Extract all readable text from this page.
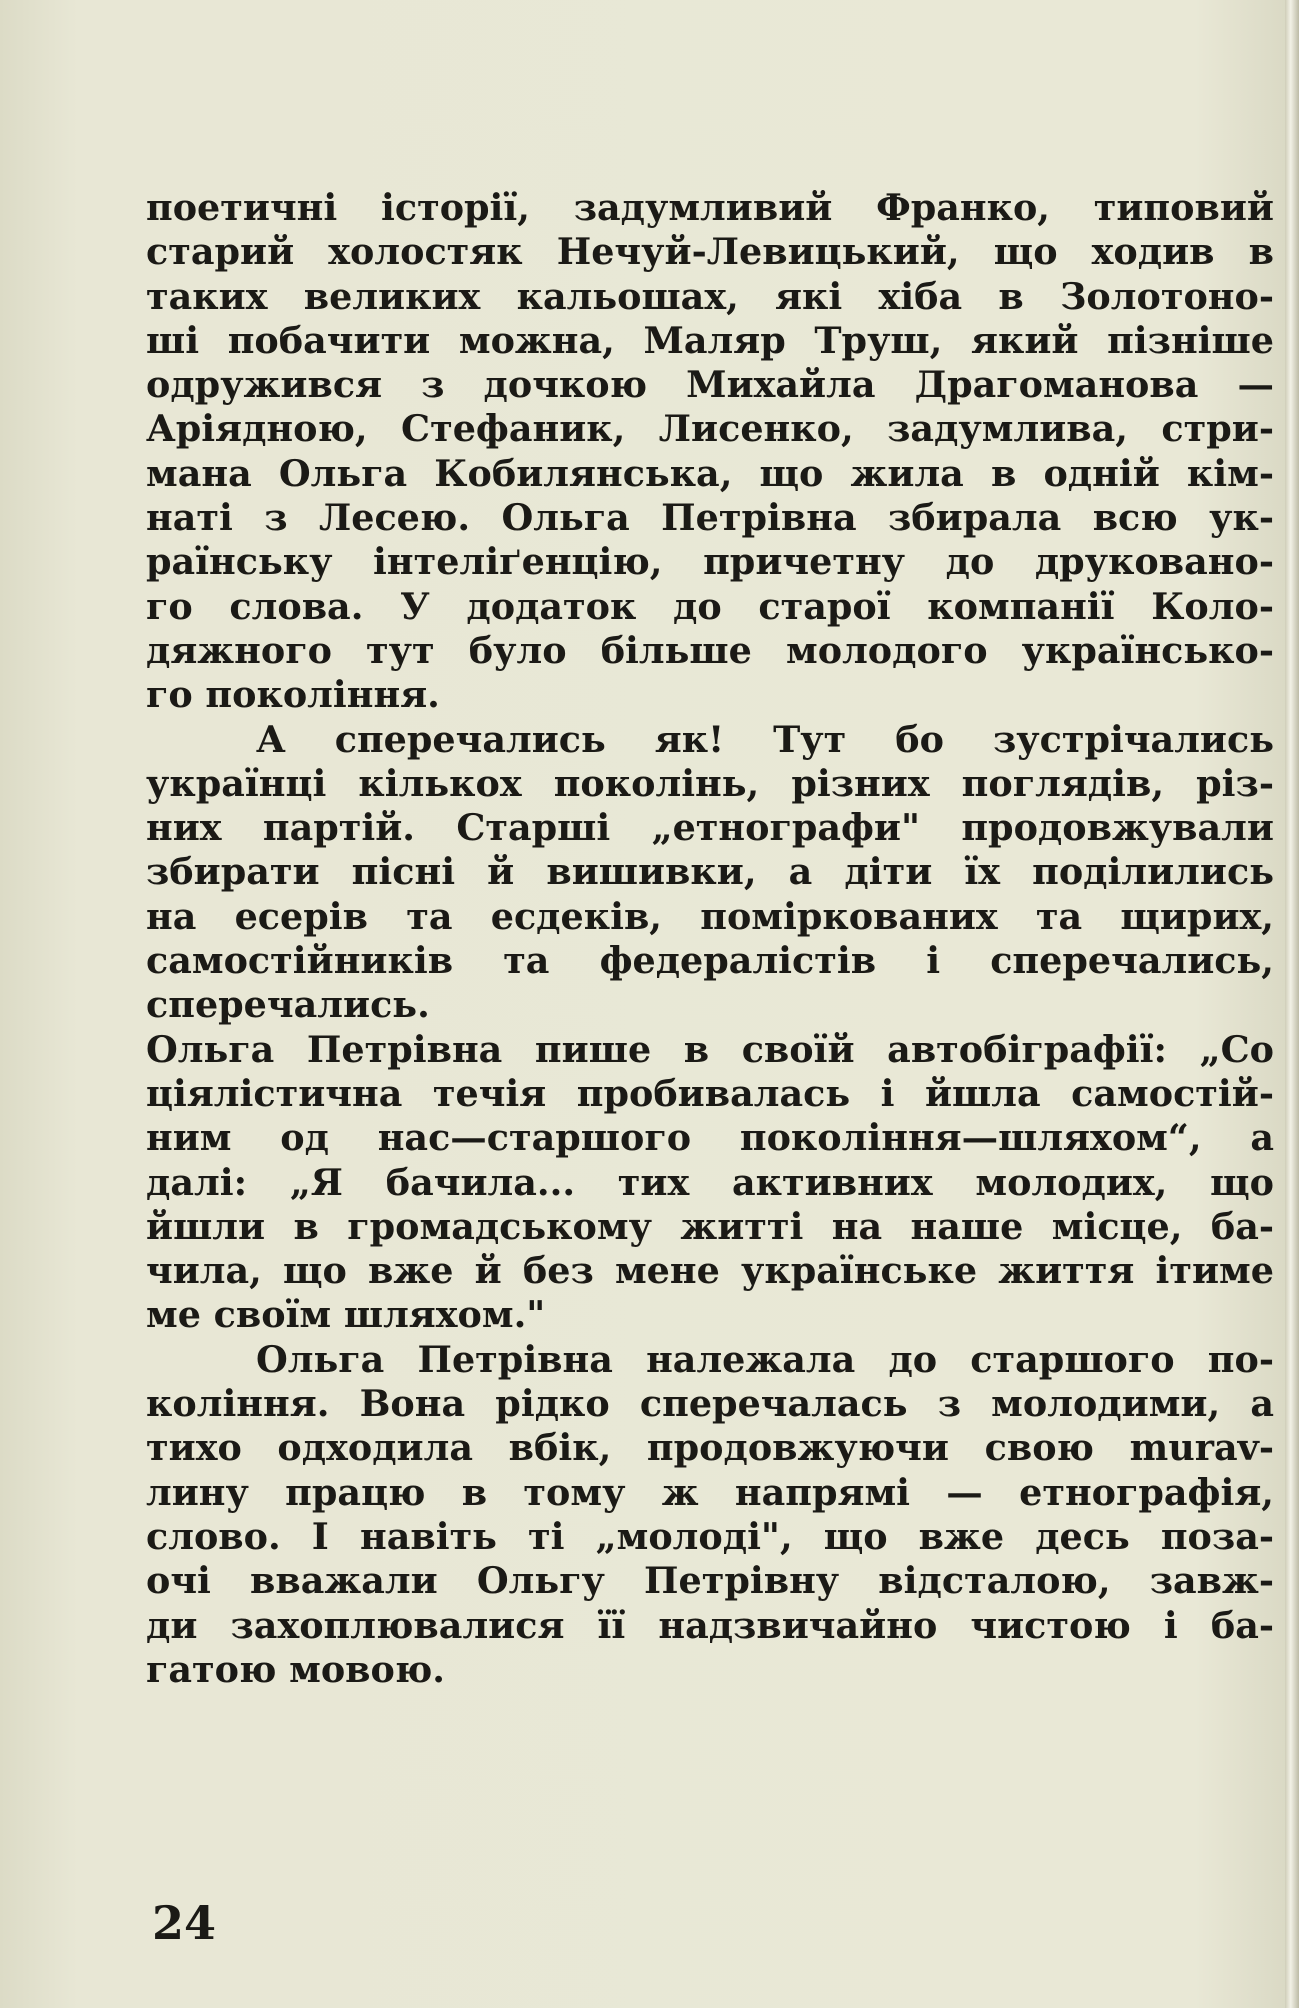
поетичні історії, задумливий Франко, типовий
старий холостяк Нечуй-Левицький, що ходив в
таких великих кальошах, які хіба в Золотоно-
ші побачити можна, Маляр Труш, який пізніше
одружився з дочкою Михайла Драгоманова —
Аріядною, Стефаник, Лисенко, задумлива, стри-
мана Ольга Кобилянська, що жила в одній кім-
наті з Лесею. Ольга Петрівна збирала всю ук-
раїнську інтеліґенцію, причетну до друковано-
го слова. У додаток до старої компанії Коло-
дяжного тут було більше молодого українсько-
го покоління.
А сперечались як! Тут бо зустрічались
українці кількох поколінь, різних поглядів, різ-
них партій. Старші „етнографи" продовжували
збирати пісні й вишивки, а діти їх поділились
на есерів та есдеків, поміркованих та щирих,
самостійників та федералістів і сперечались,
сперечались.
Ольга Петрівна пише в своїй автобіграфії: „Со
ціялістична течія пробивалась і йшла самостій-
ним од нас—старшого покоління—шляхом“, а
далі: „Я бачила... тих активних молодих, що
йшли в громадському житті на наше місце, ба-
чила, що вже й без мене українське життя ітиме
ме своїм шляхом."
Ольга Петрівна належала до старшого по-
коління. Вона рідко сперечалась з молодими, а
тихо одходила вбік, продовжуючи свою murav-
лину працю в тому ж напрямі — етнографія,
слово. І навіть ті „молоді", що вже десь поза-
очі вважали Ольгу Петрівну відсталою, завж-
ди захоплювалися її надзвичайно чистою і ба-
гатою мовою.
24
